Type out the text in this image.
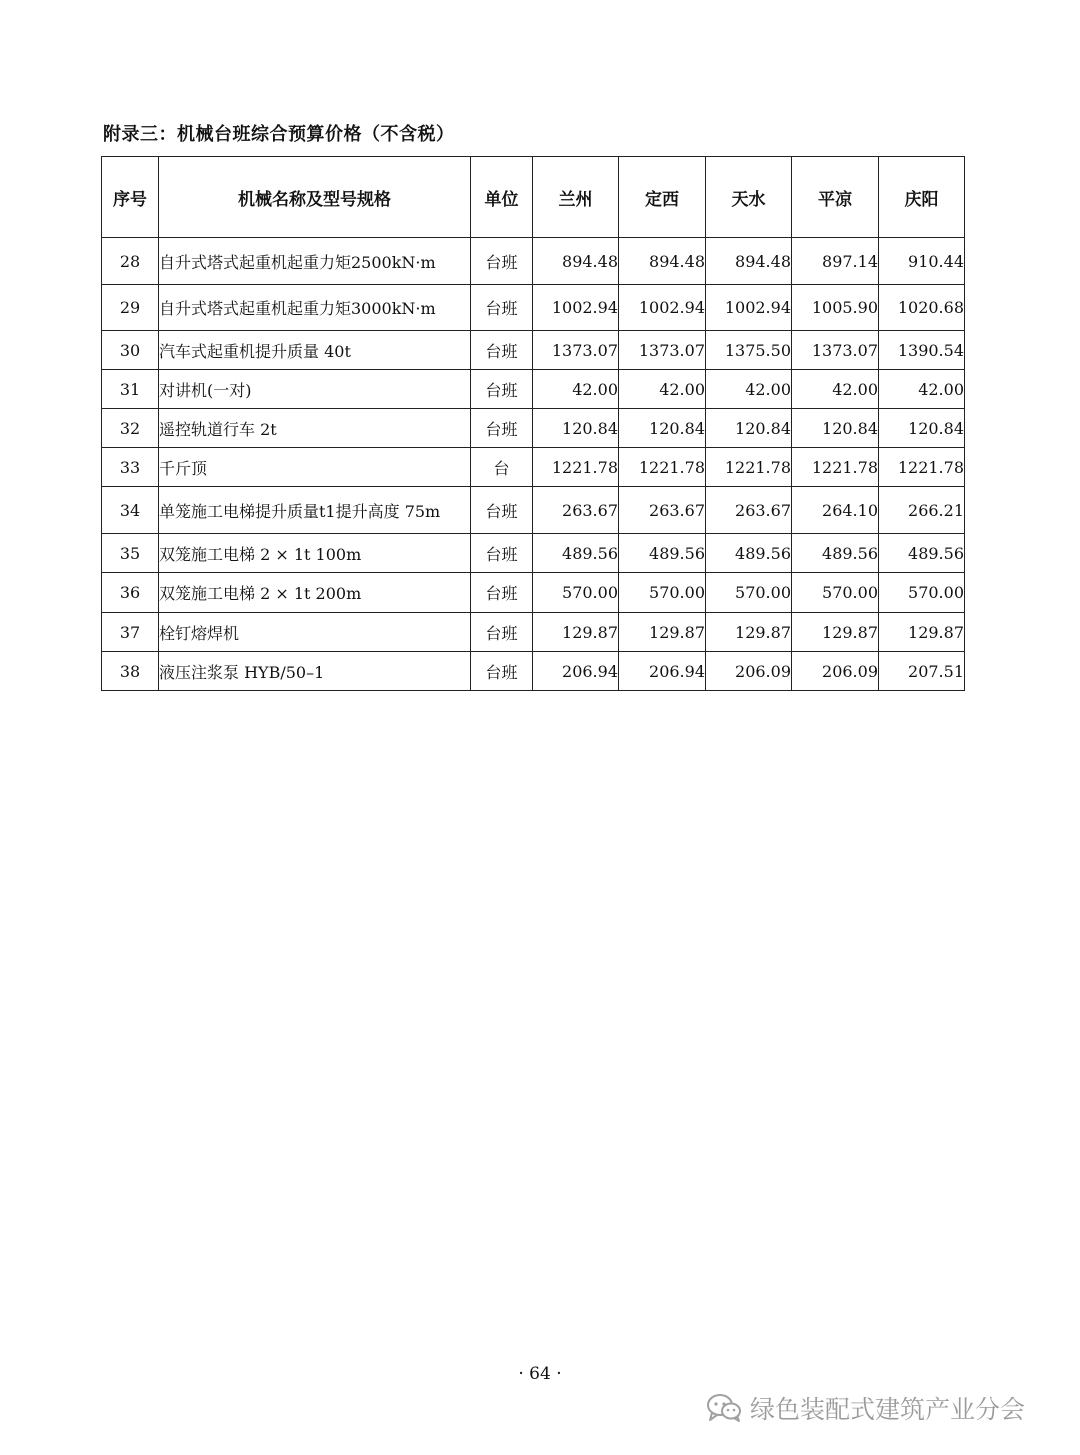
附录三：机械台班综合预算价格（不含税）
序号	机械名称及型号规格	单位	兰州	定西	天水	平凉	庆阳
28	自升式塔式起重机起重力矩2500kN·m	台班	894.48	894.48	894.48	897.14	910.44
29	自升式塔式起重机起重力矩3000kN·m	台班	1002.94	1002.94	1002.94	1005.90	1020.68
30	汽车式起重机提升质量 40t	台班	1373.07	1373.07	1375.50	1373.07	1390.54
31	对讲机(一对)	台班	42.00	42.00	42.00	42.00	42.00
32	遥控轨道行车 2t	台班	120.84	120.84	120.84	120.84	120.84
33	千斤顶	台	1221.78	1221.78	1221.78	1221.78	1221.78
34	单笼施工电梯提升质量t1提升高度 75m	台班	263.67	263.67	263.67	264.10	266.21
35	双笼施工电梯 2 × 1t 100m	台班	489.56	489.56	489.56	489.56	489.56
36	双笼施工电梯 2 × 1t 200m	台班	570.00	570.00	570.00	570.00	570.00
37	栓钉熔焊机	台班	129.87	129.87	129.87	129.87	129.87
38	液压注浆泵 HYB/50–1	台班	206.94	206.94	206.09	206.09	207.51
· 64 ·
绿色装配式建筑产业分会
